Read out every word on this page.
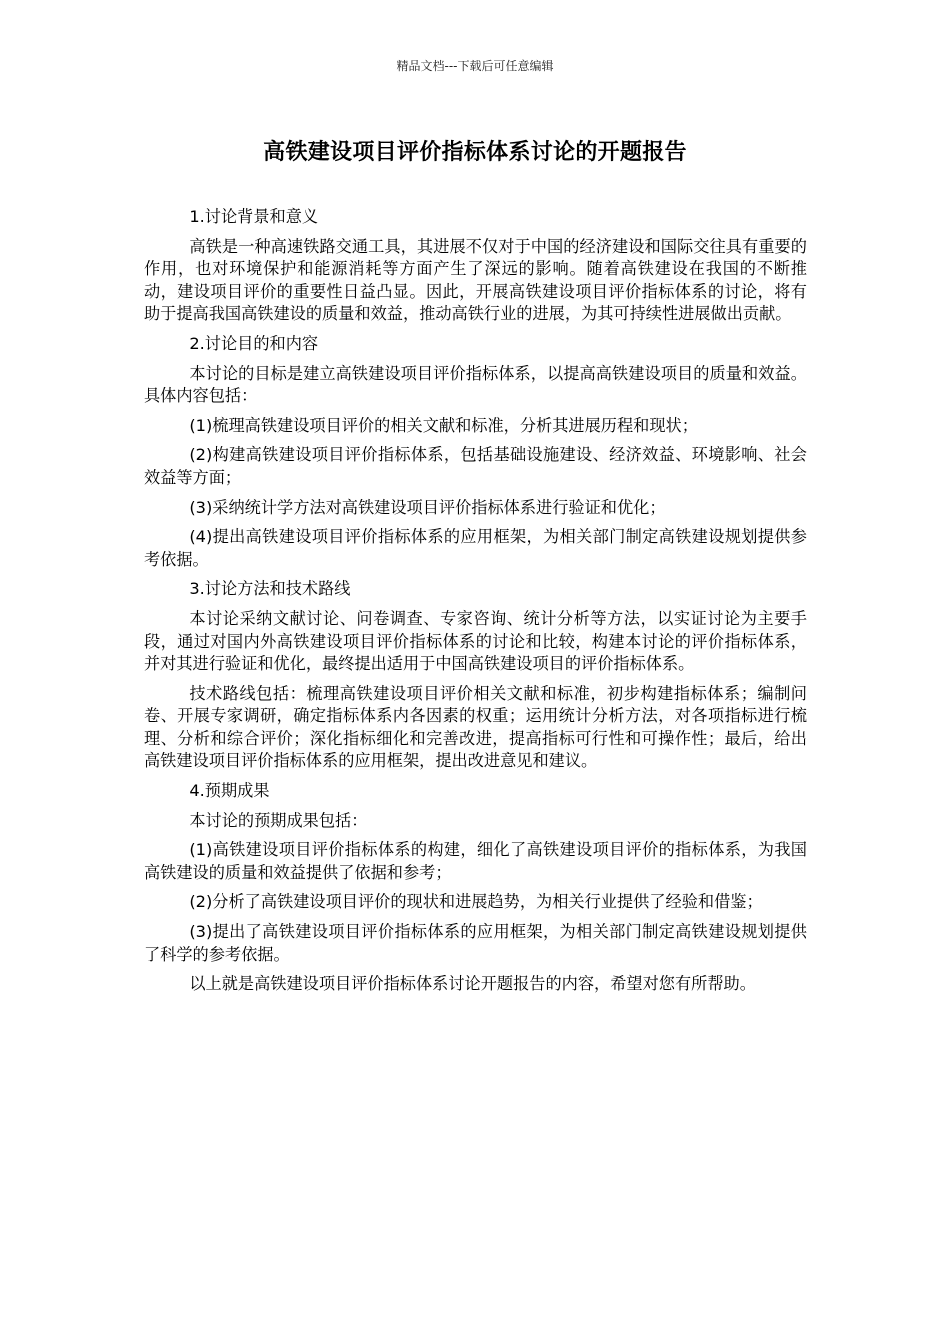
精品文档---下载后可任意编辑
高铁建设项目评价指标体系讨论的开题报告

1.讨论背景和意义

高铁是一种高速铁路交通工具，其进展不仅对于中国的经济建设和国际交往具有重要的作用，也对环境保护和能源消耗等方面产生了深远的影响。随着高铁建设在我国的不断推动，建设项目评价的重要性日益凸显。因此，开展高铁建设项目评价指标体系的讨论，将有助于提高我国高铁建设的质量和效益，推动高铁行业的进展，为其可持续性进展做出贡献。

2.讨论目的和内容

本讨论的目标是建立高铁建设项目评价指标体系，以提高高铁建设项目的质量和效益。具体内容包括：

(1)梳理高铁建设项目评价的相关文献和标准，分析其进展历程和现状；

(2)构建高铁建设项目评价指标体系，包括基础设施建设、经济效益、环境影响、社会效益等方面；

(3)采纳统计学方法对高铁建设项目评价指标体系进行验证和优化；

(4)提出高铁建设项目评价指标体系的应用框架，为相关部门制定高铁建设规划提供参考依据。

3.讨论方法和技术路线

本讨论采纳文献讨论、问卷调查、专家咨询、统计分析等方法，以实证讨论为主要手段，通过对国内外高铁建设项目评价指标体系的讨论和比较，构建本讨论的评价指标体系，并对其进行验证和优化，最终提出适用于中国高铁建设项目的评价指标体系。

技术路线包括：梳理高铁建设项目评价相关文献和标准，初步构建指标体系；编制问卷、开展专家调研，确定指标体系内各因素的权重；运用统计分析方法，对各项指标进行梳理、分析和综合评价；深化指标细化和完善改进，提高指标可行性和可操作性；最后，给出高铁建设项目评价指标体系的应用框架，提出改进意见和建议。

4.预期成果

本讨论的预期成果包括：

(1)高铁建设项目评价指标体系的构建，细化了高铁建设项目评价的指标体系，为我国高铁建设的质量和效益提供了依据和参考；

(2)分析了高铁建设项目评价的现状和进展趋势，为相关行业提供了经验和借鉴；

(3)提出了高铁建设项目评价指标体系的应用框架，为相关部门制定高铁建设规划提供了科学的参考依据。

以上就是高铁建设项目评价指标体系讨论开题报告的内容，希望对您有所帮助。
